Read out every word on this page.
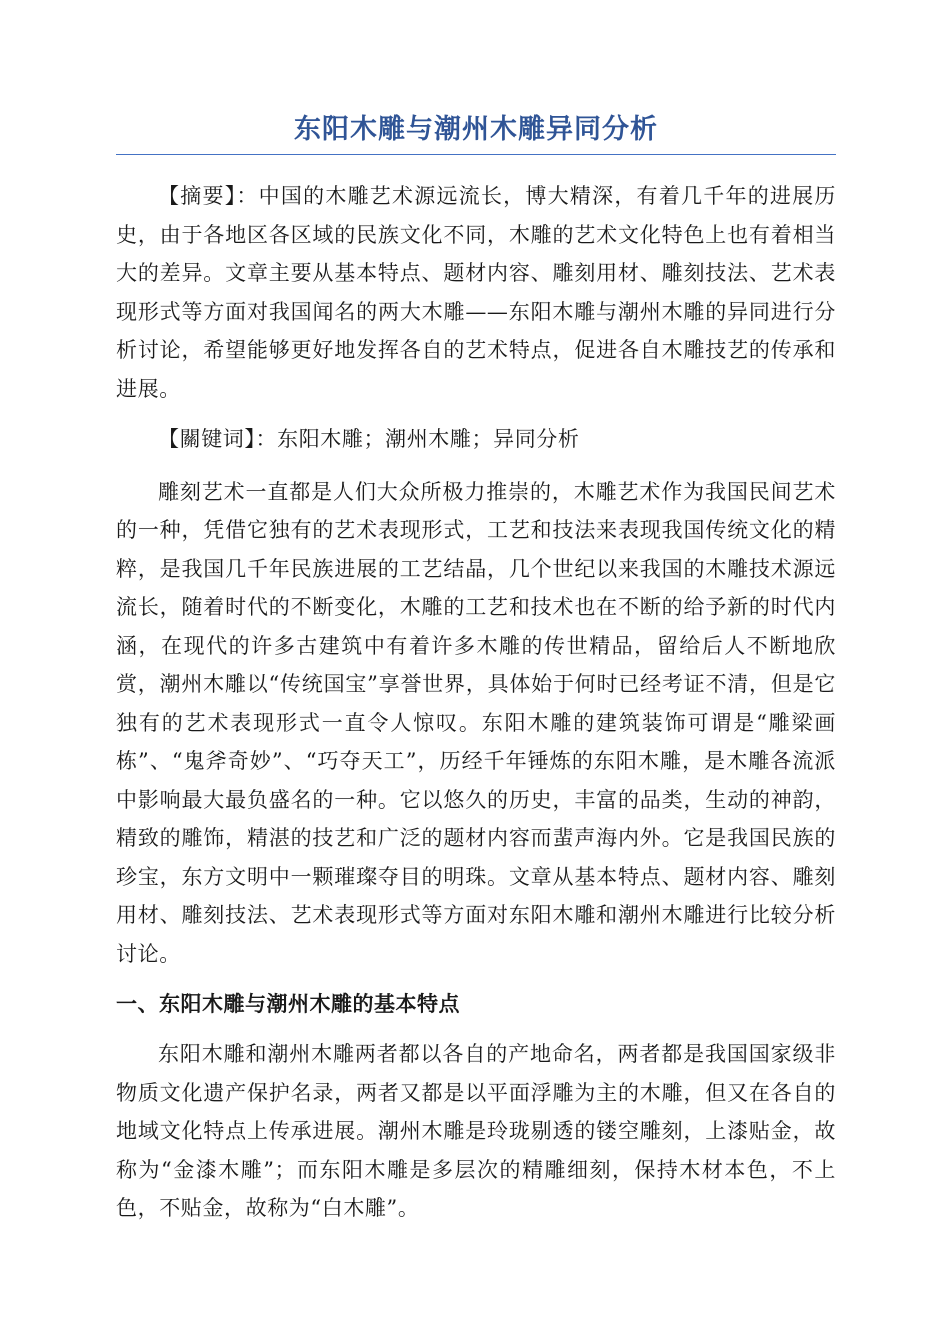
东阳木雕与潮州木雕异同分析

【摘要】：中国的木雕艺术源远流长，博大精深，有着几千年的进展历史，由于各地区各区域的民族文化不同，木雕的艺术文化特色上也有着相当大的差异。文章主要从基本特点、题材内容、雕刻用材、雕刻技法、艺术表现形式等方面对我国闻名的两大木雕——东阳木雕与潮州木雕的异同进行分析讨论，希望能够更好地发挥各自的艺术特点，促进各自木雕技艺的传承和进展。

【關键词】：东阳木雕；潮州木雕；异同分析

雕刻艺术一直都是人们大众所极力推崇的，木雕艺术作为我国民间艺术的一种，凭借它独有的艺术表现形式，工艺和技法来表现我国传统文化的精粹，是我国几千年民族进展的工艺结晶，几个世纪以来我国的木雕技术源远流长，随着时代的不断变化，木雕的工艺和技术也在不断的给予新的时代内涵，在现代的许多古建筑中有着许多木雕的传世精品，留给后人不断地欣赏，潮州木雕以“传统国宝”享誉世界，具体始于何时已经考证不清，但是它独有的艺术表现形式一直令人惊叹。东阳木雕的建筑装饰可谓是“雕梁画栋”、“鬼斧奇妙”、“巧夺天工”，历经千年锤炼的东阳木雕，是木雕各流派中影响最大最负盛名的一种。它以悠久的历史，丰富的品类，生动的神韵，精致的雕饰，精湛的技艺和广泛的题材内容而蜚声海内外。它是我国民族的珍宝，东方文明中一颗璀璨夺目的明珠。文章从基本特点、题材内容、雕刻用材、雕刻技法、艺术表现形式等方面对东阳木雕和潮州木雕进行比较分析讨论。

一、东阳木雕与潮州木雕的基本特点

东阳木雕和潮州木雕两者都以各自的产地命名，两者都是我国国家级非物质文化遗产保护名录，两者又都是以平面浮雕为主的木雕，但又在各自的地域文化特点上传承进展。潮州木雕是玲珑剔透的镂空雕刻，上漆贴金，故称为“金漆木雕”；而东阳木雕是多层次的精雕细刻，保持木材本色，不上色，不贴金，故称为“白木雕”。
